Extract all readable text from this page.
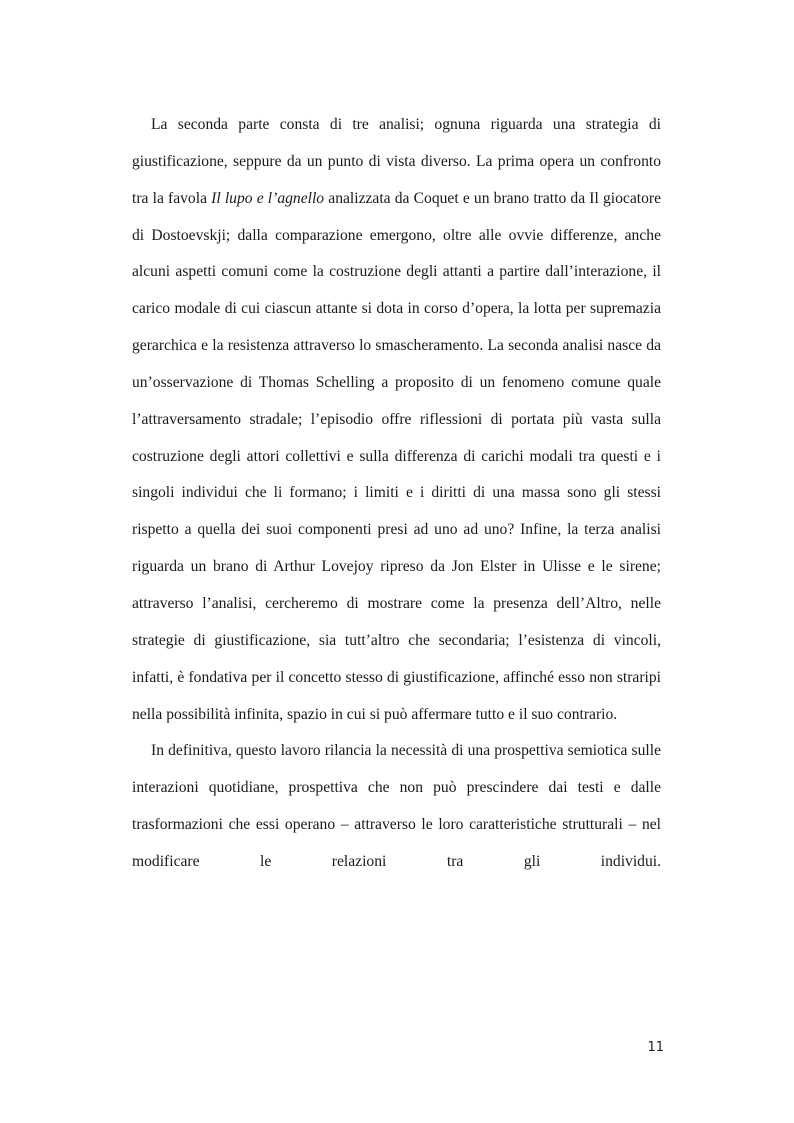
La seconda parte consta di tre analisi; ognuna riguarda una strategia di giustificazione, seppure da un punto di vista diverso. La prima opera un confronto tra la favola Il lupo e l’agnello analizzata da Coquet e un brano tratto da Il giocatore di Dostoevskji; dalla comparazione emergono, oltre alle ovvie differenze, anche alcuni aspetti comuni come la costruzione degli attanti a partire dall’interazione, il carico modale di cui ciascun attante si dota in corso d’opera, la lotta per supremazia gerarchica e la resistenza attraverso lo smascheramento. La seconda analisi nasce da un’osservazione di Thomas Schelling a proposito di un fenomeno comune quale l’attraversamento stradale; l’episodio offre riflessioni di portata più vasta sulla costruzione degli attori collettivi e sulla differenza di carichi modali tra questi e i singoli individui che li formano; i limiti e i diritti di una massa sono gli stessi rispetto a quella dei suoi componenti presi ad uno ad uno? Infine, la terza analisi riguarda un brano di Arthur Lovejoy ripreso da Jon Elster in Ulisse e le sirene; attraverso l’analisi, cercheremo di mostrare come la presenza dell’Altro, nelle strategie di giustificazione, sia tutt’altro che secondaria; l’esistenza di vincoli, infatti, è fondativa per il concetto stesso di giustificazione, affinché esso non straripi nella possibilità infinita, spazio in cui si può affermare tutto e il suo contrario.

In definitiva, questo lavoro rilancia la necessità di una prospettiva semiotica sulle interazioni quotidiane, prospettiva che non può prescindere dai testi e dalle trasformazioni che essi operano – attraverso le loro caratteristiche strutturali – nel modificare le relazioni tra gli individui.

11
